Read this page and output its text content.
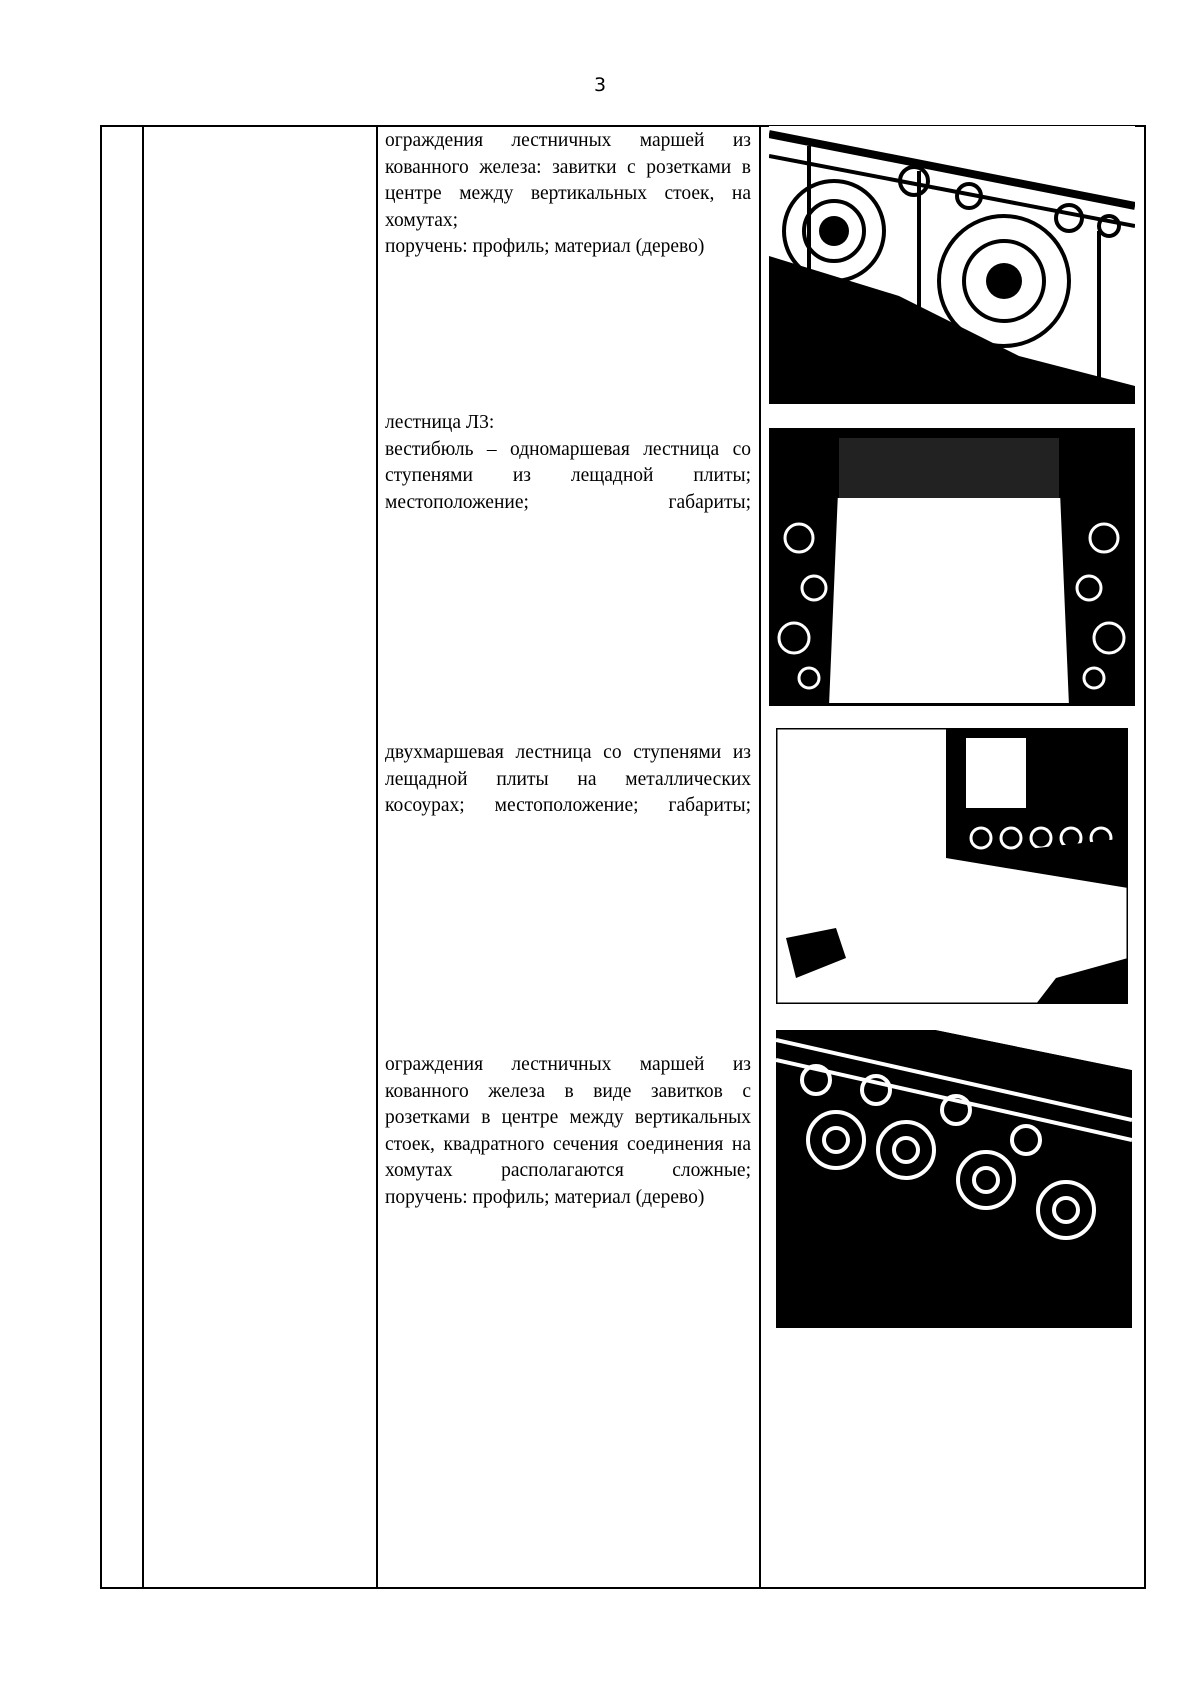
3

ограждения лестничных маршей из кованного железа: завитки с розетками в центре между вертикальных стоек, на хомутах;

поручень: профиль; материал (дерево)

лестница Л3:

вестибюль – одномаршевая лестница со ступенями из лещадной плиты; местоположение; габариты;

двухмаршевая лестница со ступенями из лещадной плиты на металлических косоурах; местоположение; габариты;

ограждения лестничных маршей из кованного железа в виде завитков с розетками в центре между вертикальных стоек, квадратного сечения соединения на хомутах располагаются сложные;

поручень: профиль; материал (дерево)
